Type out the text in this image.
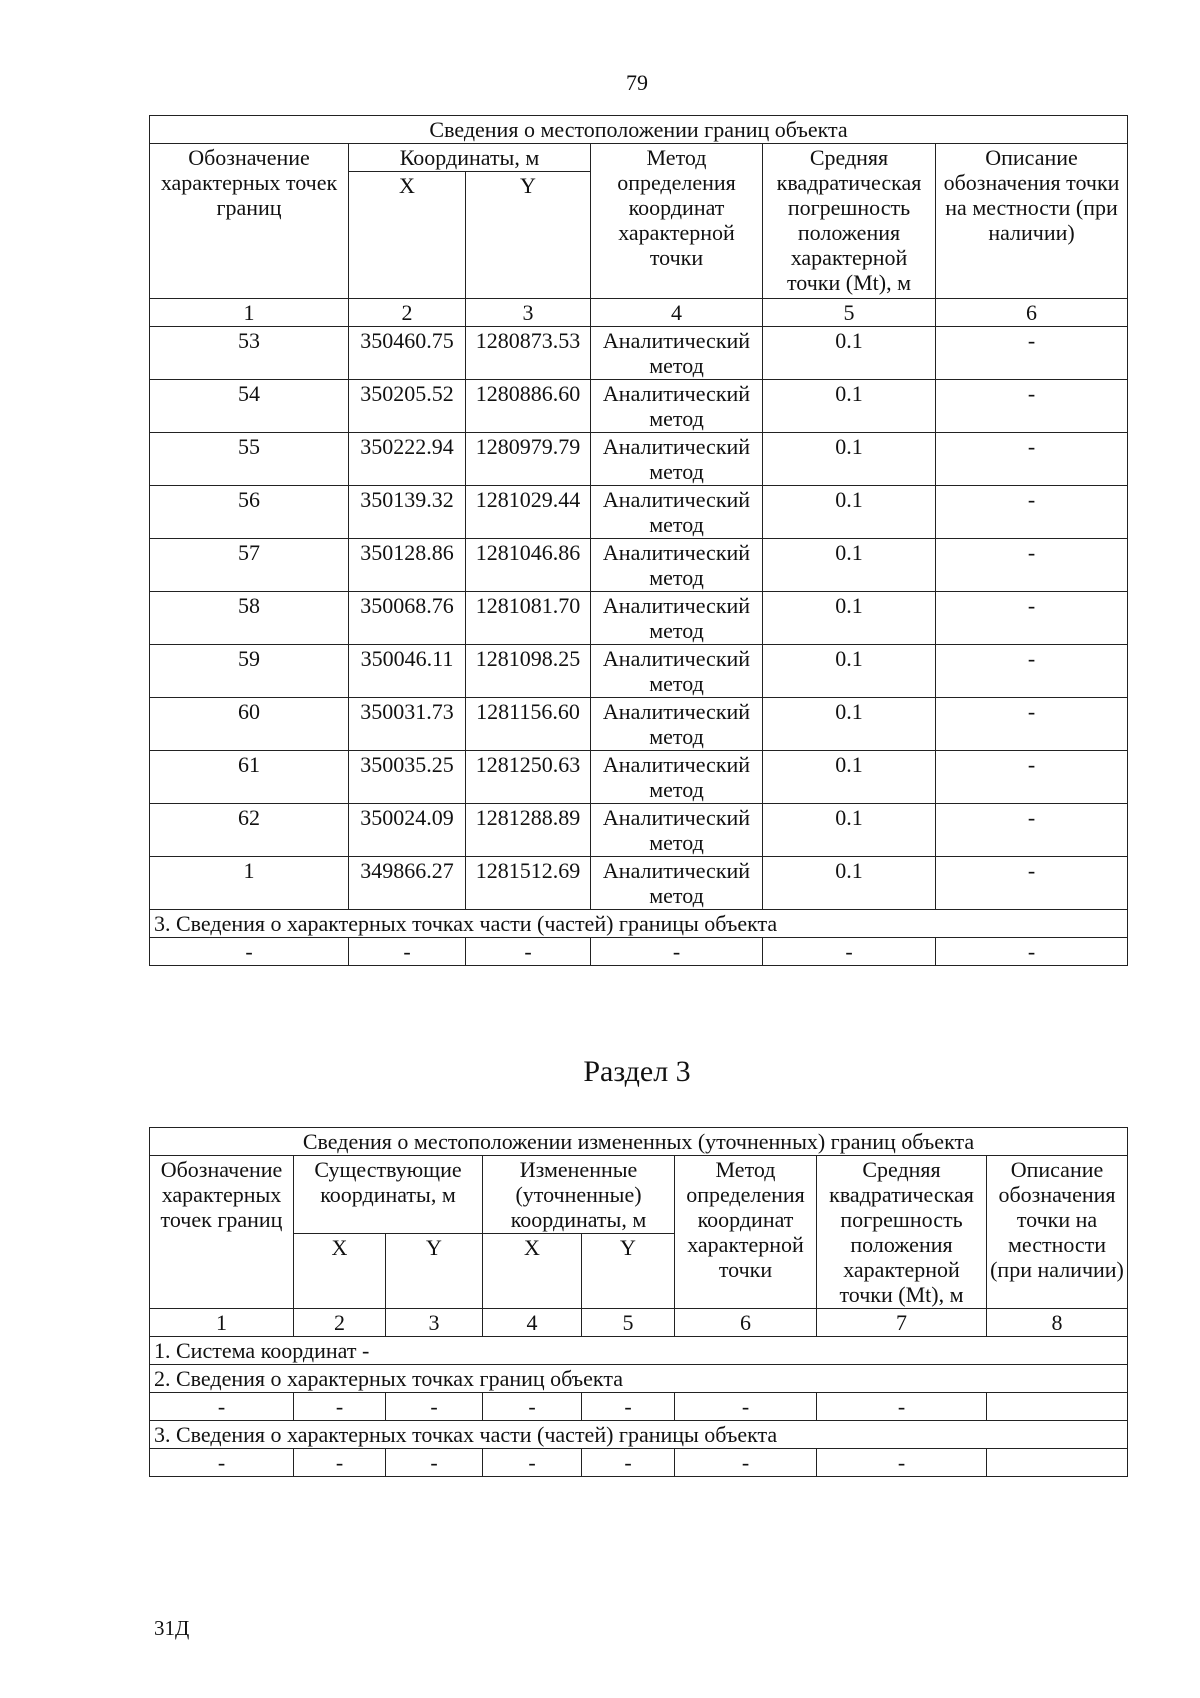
79
Сведения о местоположении границ объекта					
Обозначение характерных точек границ	Координаты, м		Метод определения координат характерной точки	Средняя квадратическая погрешность положения характерной точки (Mt), м	Описание обозначения точки на местности (при наличии)
	X	Y			
1	2	3	4	5	6
53	350460.75	1280873.53	Аналитический метод	0.1	-
54	350205.52	1280886.60	Аналитический метод	0.1	-
55	350222.94	1280979.79	Аналитический метод	0.1	-
56	350139.32	1281029.44	Аналитический метод	0.1	-
57	350128.86	1281046.86	Аналитический метод	0.1	-
58	350068.76	1281081.70	Аналитический метод	0.1	-
59	350046.11	1281098.25	Аналитический метод	0.1	-
60	350031.73	1281156.60	Аналитический метод	0.1	-
61	350035.25	1281250.63	Аналитический метод	0.1	-
62	350024.09	1281288.89	Аналитический метод	0.1	-
1	349866.27	1281512.69	Аналитический метод	0.1	-
3. Сведения о характерных точках части (частей) границы объекта					
-	-	-	-	-	-
Раздел 3
Сведения о местоположении измененных (уточненных) границ объекта							
Обозначение характерных точек границ	Существующие координаты, м		Измененные (уточненные) координаты, м		Метод определения координат характерной точки	Средняя квадратическая погрешность положения характерной точки (Mt), м	Описание обозначения точки на местности (при наличии)
	X	Y	X	Y			
1	2	3	4	5	6	7	8
1. Система координат -							
2. Сведения о характерных точках границ объекта							
-	-	-	-	-	-	-	
3. Сведения о характерных точках части (частей) границы объекта							
-	-	-	-	-	-	-	
31Д
